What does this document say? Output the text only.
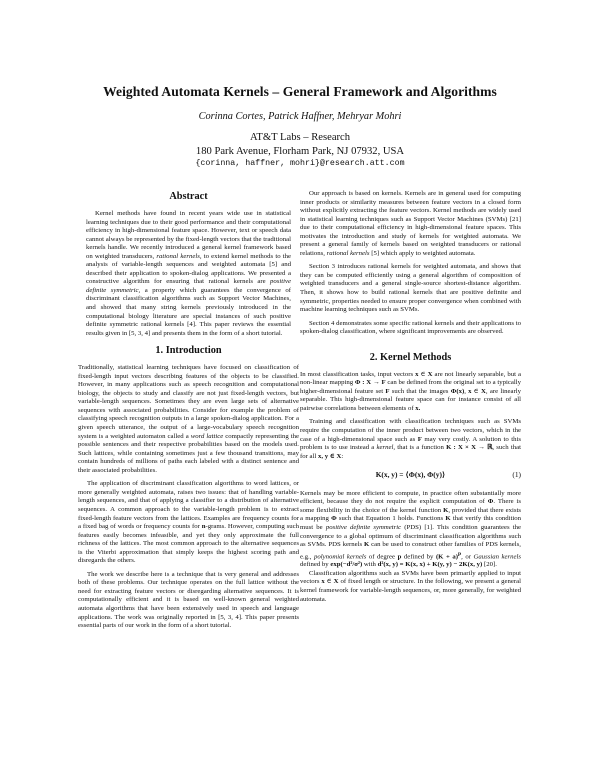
Weighted Automata Kernels – General Framework and Algorithms
Corinna Cortes, Patrick Haffner, Mehryar Mohri
AT&T Labs – Research
180 Park Avenue, Florham Park, NJ 07932, USA
{corinna, haffner, mohri}@research.att.com
Abstract

Kernel methods have found in recent years wide use in statistical learning techniques due to their good performance and their computational efficiency in high-dimensional feature space. However, text or speech data cannot always be represented by the fixed-length vectors that the traditional kernels handle. We recently introduced a general kernel framework based on weighted transducers, rational kernels, to extend kernel methods to the analysis of variable-length sequences and weighted automata [5] and described their application to spoken-dialog applications. We presented a constructive algorithm for ensuring that rational kernels are positive definite symmetric, a property which guarantees the convergence of discriminant classification algorithms such as Support Vector Machines, and showed that many string kernels previously introduced in the computational biology literature are special instances of such positive definite symmetric rational kernels [4]. This paper reviews the essential results given in [5, 3, 4] and presents them in the form of a short tutorial.

1. Introduction

Traditionally, statistical learning techniques have focused on classification of fixed-length input vectors describing features of the objects to be classified. However, in many applications such as speech recognition and computational biology, the objects to study and classify are not just fixed-length vectors, but variable-length sequences. Sometimes they are even large sets of alternative sequences with associated probabilities. Consider for example the problem of classifying speech recognition outputs in a large spoken-dialog application. For a given speech utterance, the output of a large-vocabulary speech recognition system is a weighted automaton called a word lattice compactly representing the possible sentences and their respective probabilities based on the models used. Such lattices, while containing sometimes just a few thousand transitions, may contain hundreds of millions of paths each labeled with a distinct sentence and their associated probabilities.

The application of discriminant classification algorithms to word lattices, or more generally weighted automata, raises two issues: that of handling variable-length sequences, and that of applying a classifier to a distribution of alternative sequences. A common approach to the variable-length problem is to extract fixed-length feature vectors from the lattices. Examples are frequency counts for a fixed bag of words or frequency counts for n-grams. However, computing such features easily becomes infeasible, and yet they only approximate the full richness of the lattices. The most common approach to the alternative sequences is the Viterbi approximation that simply keeps the highest scoring path and disregards the others.

The work we describe here is a technique that is very general and addresses both of these problems. Our technique operates on the full lattice without the need for extracting feature vectors or disregarding alternative sequences. It is computationally efficient and it is based on well-known general weighted automata algorithms that have been extensively used in speech and language applications. The work was originally reported in [5, 3, 4]. This paper presents essential parts of our work in the form of a short tutorial.

Our approach is based on kernels. Kernels are in general used for computing inner products or similarity measures between feature vectors in a closed form without explicitly extracting the feature vectors. Kernel methods are widely used in statistical learning techniques such as Support Vector Machines (SVMs) [21] due to their computational efficiency in high-dimensional feature spaces. This motivates the introduction and study of kernels for weighted automata. We present a general family of kernels based on weighted transducers or rational relations, rational kernels [5] which apply to weighted automata.

Section 3 introduces rational kernels for weighted automata, and shows that they can be computed efficiently using a general algorithm of composition of weighted transducers and a general single-source shortest-distance algorithm. Then, it shows how to build rational kernels that are positive definite and symmetric, properties needed to ensure proper convergence when combined with machine learning techniques such as SVMs.

Section 4 demonstrates some specific rational kernels and their applications to spoken-dialog classification, where significant improvements are observed.

2. Kernel Methods

In most classification tasks, input vectors x ∈ X are not linearly separable, but a non-linear mapping Φ : X → F can be defined from the original set to a typically higher-dimensional feature set F such that the images Φ(x), x ∈ X, are linearly separable. This high-dimensional feature space can for instance consist of all pairwise correlations between elements of x.

Training and classification with classification techniques such as SVMs require the computation of the inner product between two vectors, which in the case of a high-dimensional space such as F may very costly. A solution to this problem is to use instead a kernel, that is a function K : X × X → ℝ, such that for all x, y ∈ X:

K(x, y) = ⟨Φ(x), Φ(y)⟩	(1)

Kernels may be more efficient to compute, in practice often substantially more efficient, because they do not require the explicit computation of Φ. There is some flexibility in the choice of the kernel function K, provided that there exists a mapping Φ such that Equation 1 holds. Functions K that verify this condition must be positive definite symmetric (PDS) [1]. This condition guarantees the convergence to a global optimum of discriminant classification algorithms such as SVMs. PDS kernels K can be used to construct other families of PDS kernels, e.g., polynomial kernels of degree p defined by $(K + a)^p$, or Gaussian kernels defined by exp(−d²/σ²) with d²(x, y) = K(x, x) + K(y, y) − 2K(x, y) [20].

Classification algorithms such as SVMs have been primarily applied to input vectors x ∈ X of fixed length or structure. In the following, we present a general kernel framework for variable-length sequences, or, more generally, for weighted automata.
